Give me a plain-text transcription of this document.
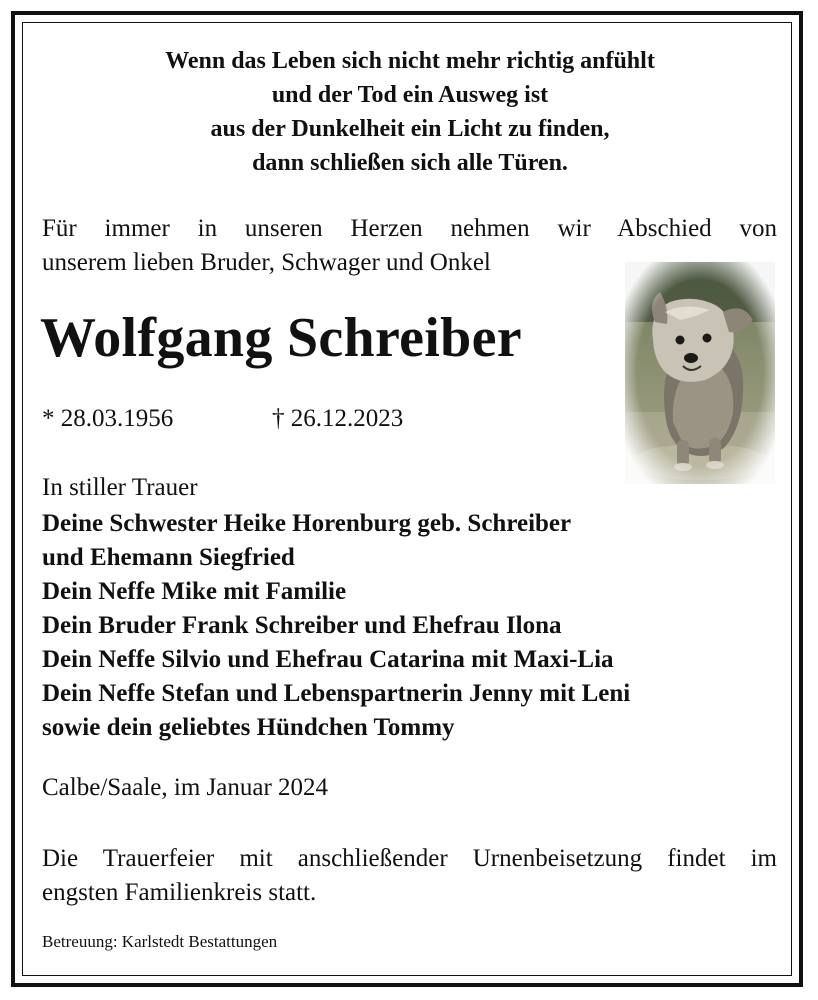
Wenn das Leben sich nicht mehr richtig anfühlt
und der Tod ein Ausweg ist
aus der Dunkelheit ein Licht zu finden,
dann schließen sich alle Türen.
Für immer in unseren Herzen nehmen wir Abschied von
unserem lieben Bruder, Schwager und Onkel
Wolfgang Schreiber
* 28.03.1956	† 26.12.2023
In stiller Trauer
Deine Schwester Heike Horenburg geb. Schreiber
und Ehemann Siegfried
Dein Neffe Mike mit Familie
Dein Bruder Frank Schreiber und Ehefrau Ilona
Dein Neffe Silvio und Ehefrau Catarina mit Maxi-Lia
Dein Neffe Stefan und Lebenspartnerin Jenny mit Leni
sowie dein geliebtes Hündchen Tommy
Calbe/Saale, im Januar 2024
Die Trauerfeier mit anschließender Urnenbeisetzung findet im
engsten Familienkreis statt.
Betreuung: Karlstedt Bestattungen
